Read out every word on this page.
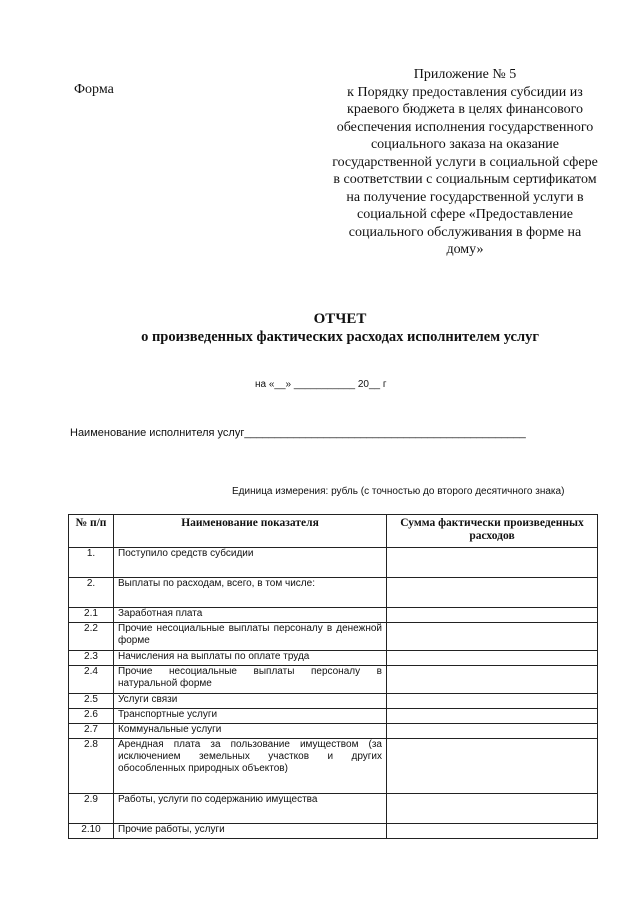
Форма
Приложение № 5
к Порядку предоставления субсидии из краевого бюджета в целях финансового обеспечения исполнения государственного социального заказа на оказание государственной услуги в социальной сфере в соответствии с социальным сертификатом на получение государственной услуги в социальной сфере «Предоставление социального обслуживания в форме на дому»
ОТЧЕТ
о произведенных фактических расходах исполнителем услуг
на «__» ___________ 20__ г
Наименование исполнителя услуг______________________________________________
Единица измерения: рубль (с точностью до второго десятичного знака)
№ п/п	Наименование показателя	Сумма фактически произведенных расходов
1.	Поступило средств субсидии	
2.	Выплаты по расходам, всего, в том числе:	
2.1	Заработная плата	
2.2	Прочие несоциальные выплаты персоналу в денежной форме	
2.3	Начисления на выплаты по оплате труда	
2.4	Прочие несоциальные выплаты персоналу в натуральной форме	
2.5	Услуги связи	
2.6	Транспортные услуги	
2.7	Коммунальные услуги	
2.8	Арендная плата за пользование имуществом (за исключением земельных участков и других обособленных природных объектов)	
2.9	Работы, услуги по содержанию имущества	
2.10	Прочие работы, услуги	
